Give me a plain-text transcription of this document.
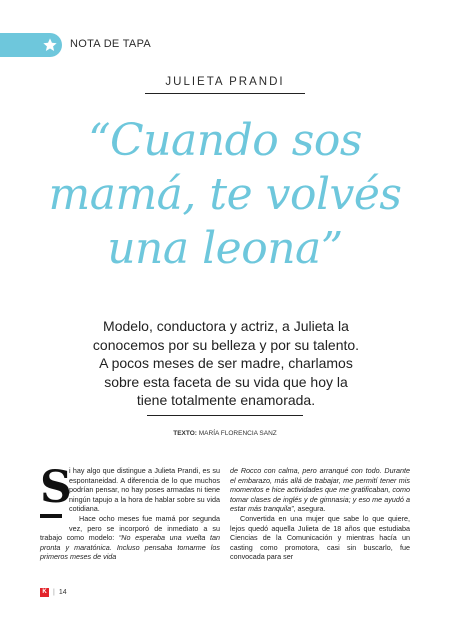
NOTA DE TAPA
JULIETA PRANDI
“Cuando sos mamá, te volvés una leona”
Modelo, conductora y actriz, a Julieta la conocemos por su belleza y por su talento. A pocos meses de ser madre, charlamos sobre esta faceta de su vida que hoy la tiene totalmente enamorada.
TEXTO: MARÍA FLORENCIA SANZ
S

i hay algo que distingue a Julieta Prandi, es su espontaneidad. A diferencia de lo que muchos podrían pensar, no hay poses armadas ni tiene ningún tapujo a la hora de hablar sobre su vida cotidiana.

Hace ocho meses fue mamá por segunda vez, pero se incorporó de inmediato a su trabajo como modelo: “No esperaba una vuelta tan pronta y maratónica. Incluso pensaba tomarme los primeros meses de vida

de Rocco con calma, pero arranqué con todo. Durante el embarazo, más allá de trabajar, me permití tener mis momentos e hice actividades que me gratificaban, como tomar clases de inglés y de gimnasia; y eso me ayudó a estar más tranquila”, asegura.

Convertida en una mujer que sabe lo que quiere, lejos quedó aquella Julieta de 18 años que estudiaba Ciencias de la Comunicación y mientras hacía un casting como promotora, casi sin buscarlo, fue convocada para ser

K | 14
